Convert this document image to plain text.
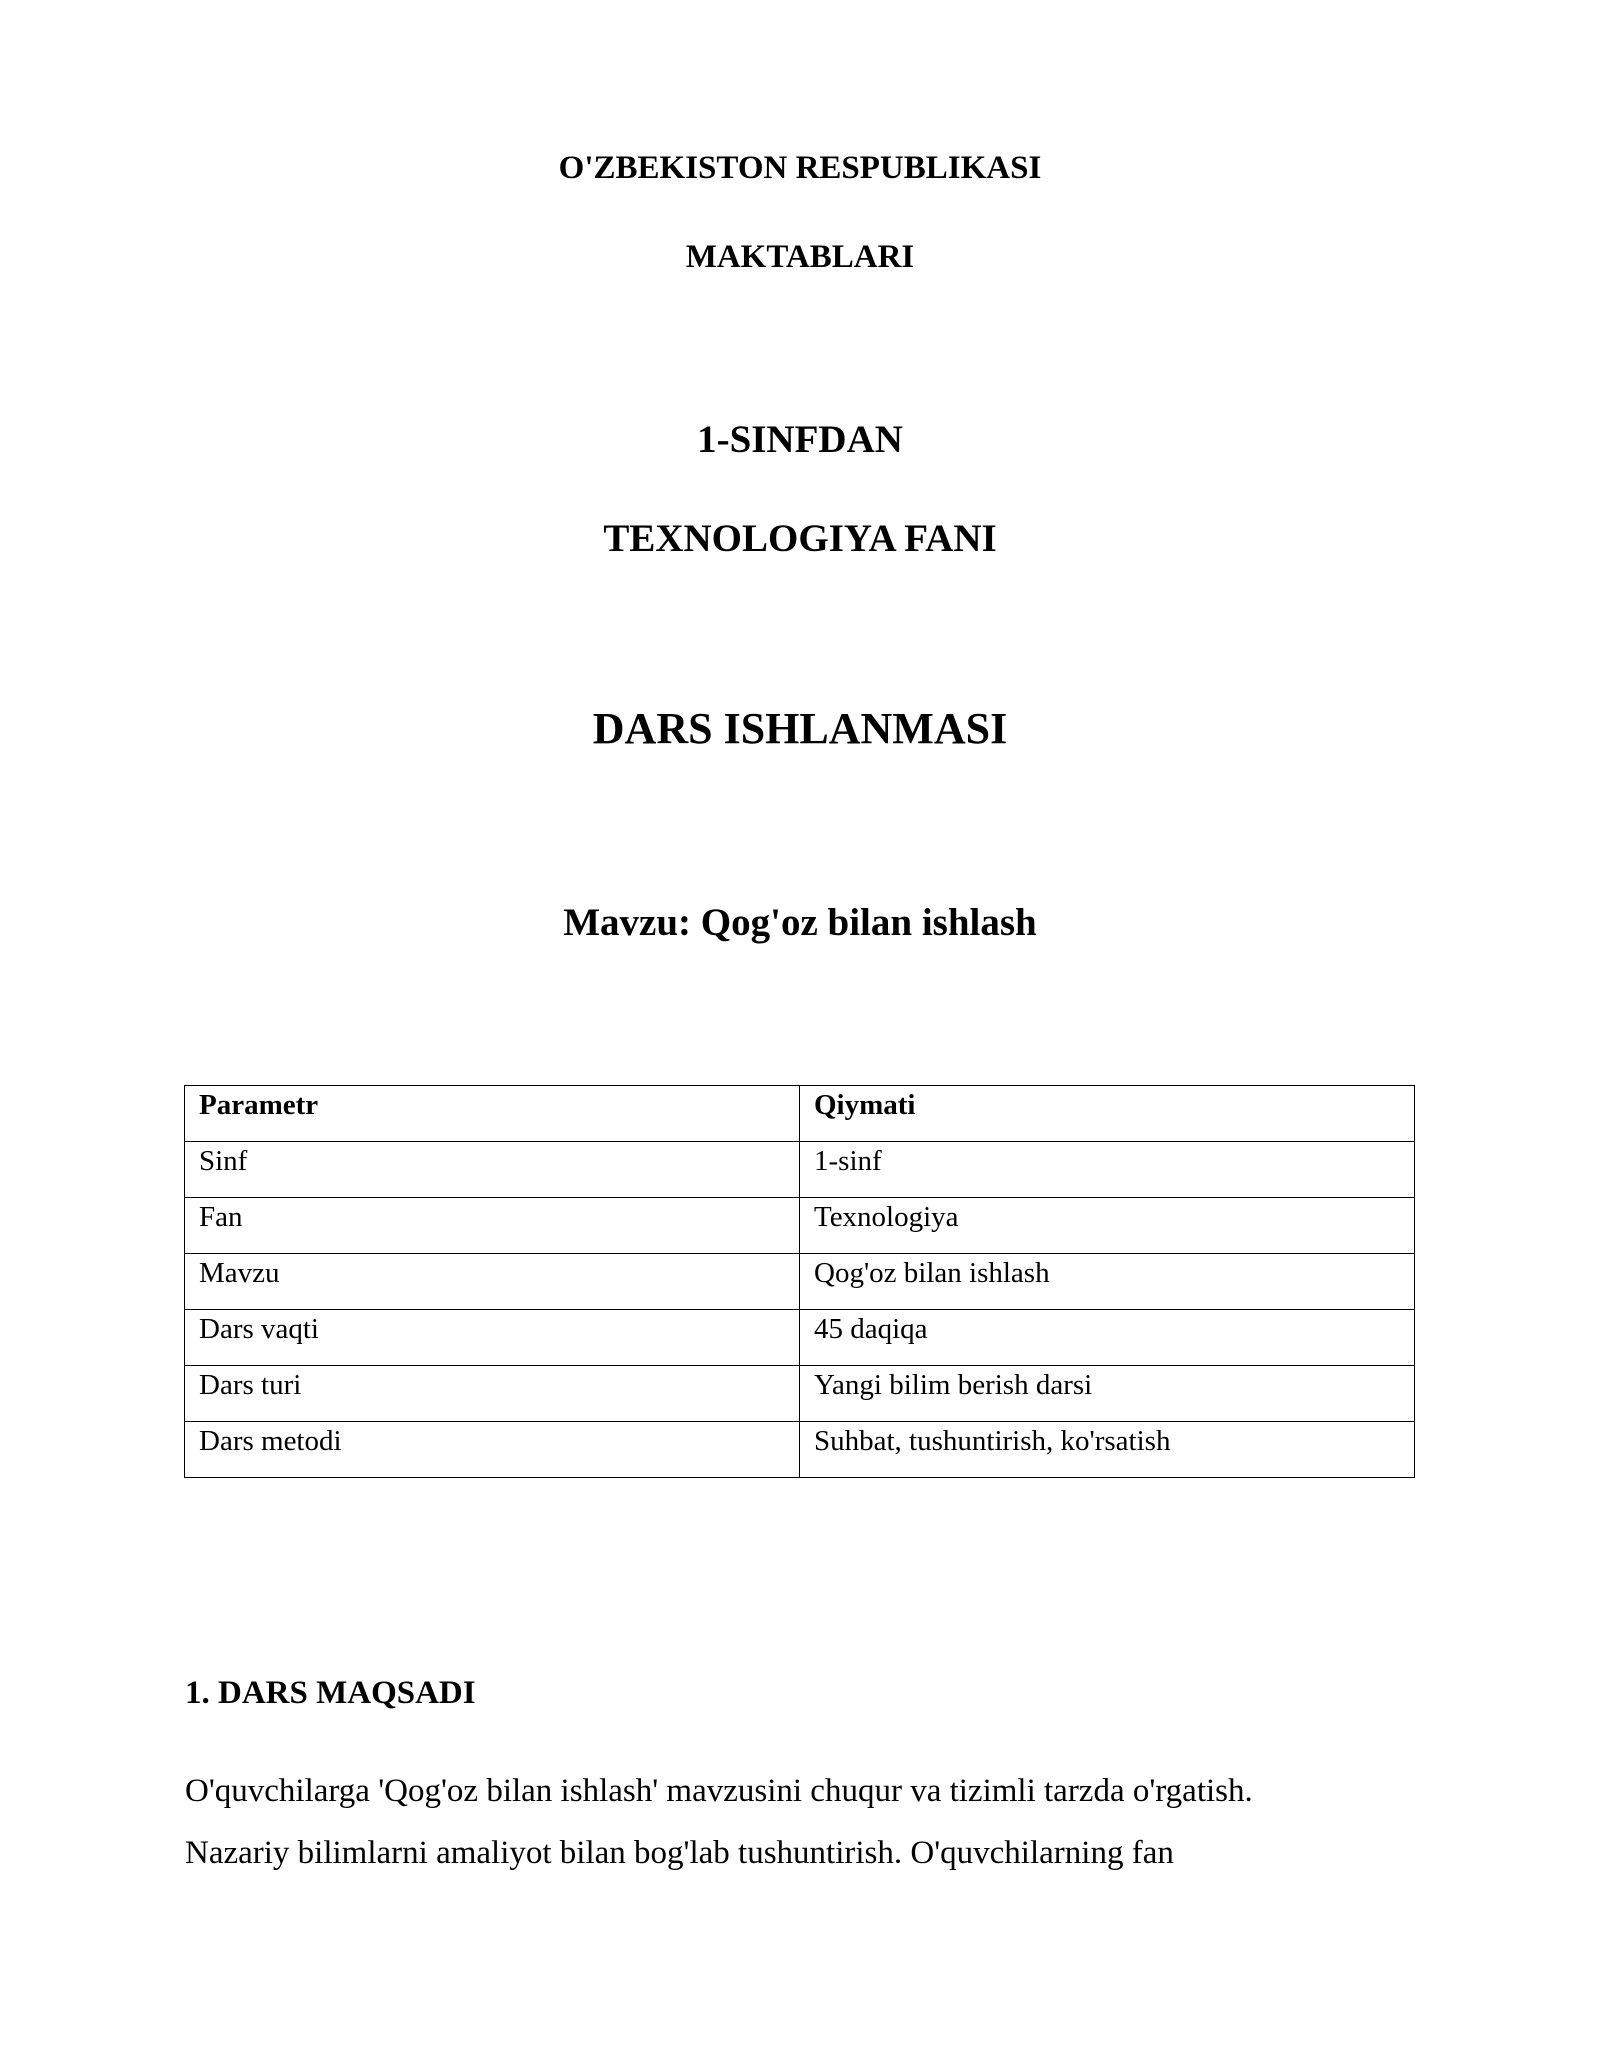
O'ZBEKISTON RESPUBLIKASI
MAKTABLARI
1-SINFDAN
TEXNOLOGIYA FANI
DARS ISHLANMASI
Mavzu: Qog'oz bilan ishlash
Parametr	Qiymati
Sinf	1-sinf
Fan	Texnologiya
Mavzu	Qog'oz bilan ishlash
Dars vaqti	45 daqiqa
Dars turi	Yangi bilim berish darsi
Dars metodi	Suhbat, tushuntirish, ko'rsatish
1. DARS MAQSADI
O'quvchilarga 'Qog'oz bilan ishlash' mavzusini chuqur va tizimli tarzda o'rgatish.
Nazariy bilimlarni amaliyot bilan bog'lab tushuntirish. O'quvchilarning fan
